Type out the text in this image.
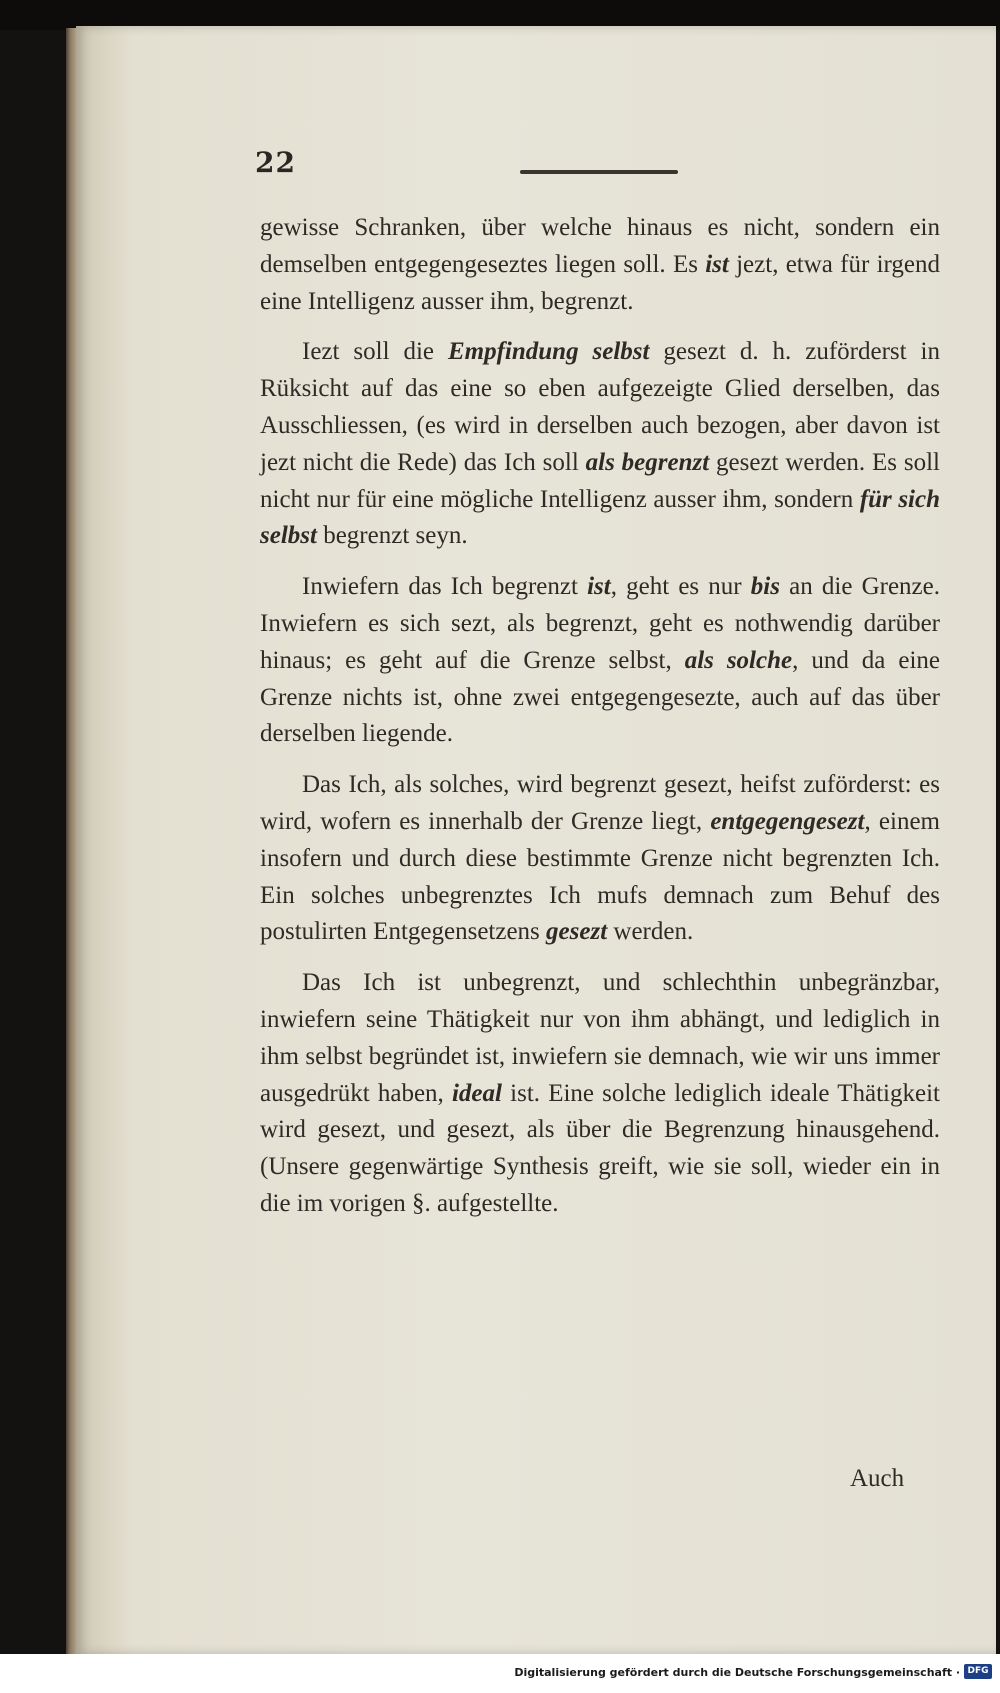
22

gewisse Schranken, über welche hinaus es nicht, sondern ein demselben entgegengeseztes liegen soll. Es ist jezt, etwa für irgend eine Intelligenz ausser ihm, begrenzt.

Iezt soll die Empfindung selbst gesezt d. h. zuförderst in Rüksicht auf das eine so eben aufgezeigte Glied derselben, das Ausschliessen, (es wird in derselben auch bezogen, aber davon ist jezt nicht die Rede) das Ich soll als begrenzt gesezt werden. Es soll nicht nur für eine mögliche Intelligenz ausser ihm, sondern für sich selbst begrenzt seyn.

Inwiefern das Ich begrenzt ist, geht es nur bis an die Grenze. Inwiefern es sich sezt, als begrenzt, geht es nothwendig darüber hinaus; es geht auf die Grenze selbst, als solche, und da eine Grenze nichts ist, ohne zwei entgegengesezte, auch auf das über derselben liegende.

Das Ich, als solches, wird begrenzt gesezt, heifst zuförderst: es wird, wofern es innerhalb der Grenze liegt, entgegengesezt, einem insofern und durch diese bestimmte Grenze nicht begrenzten Ich. Ein solches unbegrenztes Ich mufs demnach zum Behuf des postulirten Entgegensetzens gesezt werden.

Das Ich ist unbegrenzt, und schlechthin unbegränzbar, inwiefern seine Thätigkeit nur von ihm abhängt, und lediglich in ihm selbst begründet ist, inwiefern sie demnach, wie wir uns immer ausgedrükt haben, ideal ist. Eine solche lediglich ideale Thätigkeit wird gesezt, und gesezt, als über die Begrenzung hinausgehend. (Unsere gegenwärtige Synthesis greift, wie sie soll, wieder ein in die im vorigen §. aufgestellte.

Auch
Digitalisierung gefördert durch die Deutsche Forschungsgemeinschaft · DFG
